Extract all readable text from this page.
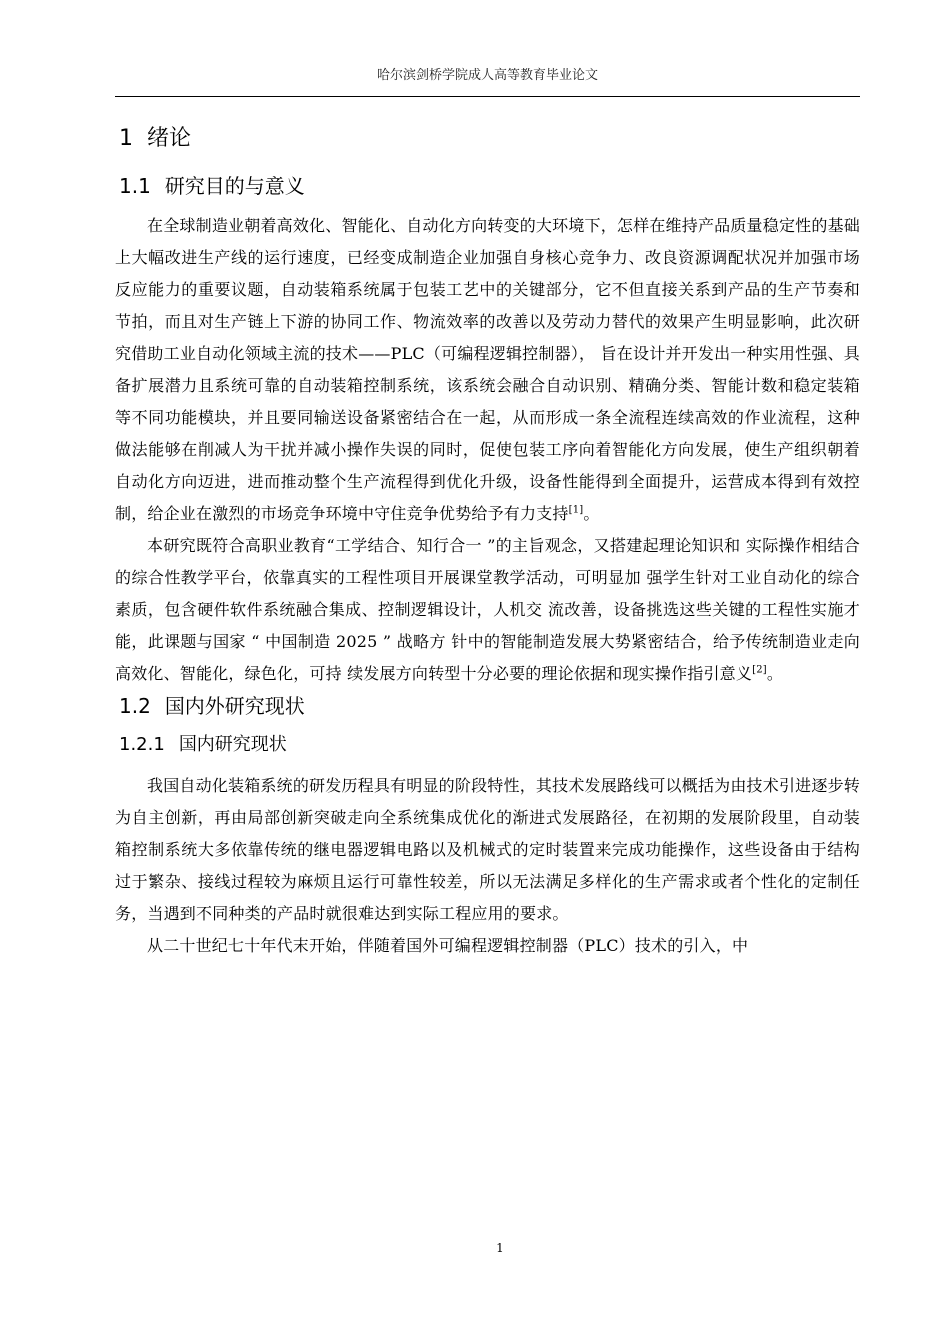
哈尔滨剑桥学院成人高等教育毕业论文
1 绪论
1.1 研究目的与意义

在全球制造业朝着高效化、智能化、自动化方向转变的大环境下，怎样在维持产品质量稳定性的基础上大幅改进生产线的运行速度，已经变成制造企业加强自身核心竞争力、改良资源调配状况并加强市场反应能力的重要议题，自动装箱系统属于包装工艺中的关键部分，它不但直接关系到产品的生产节奏和节拍，而且对生产链上下游的协同工作、物流效率的改善以及劳动力替代的效果产生明显影响，此次研究借助工业自动化领域主流的技术——PLC（可编程逻辑控制器）， 旨在设计并开发出一种实用性强、具备扩展潜力且系统可靠的自动装箱控制系统，该系统会融合自动识别、精确分类、智能计数和稳定装箱等不同功能模块，并且要同输送设备紧密结合在一起，从而形成一条全流程连续高效的作业流程，这种做法能够在削减人为干扰并减小操作失误的同时，促使包装工序向着智能化方向发展，使生产组织朝着自动化方向迈进，进而推动整个生产流程得到优化升级，设备性能得到全面提升，运营成本得到有效控制，给企业在激烈的市场竞争环境中守住竞争优势给予有力支持[1]。

本研究既符合高职业教育“工学结合、知行合一 ”的主旨观念，又搭建起理论知识和 实际操作相结合的综合性教学平台，依靠真实的工程性项目开展课堂教学活动，可明显加 强学生针对工业自动化的综合素质，包含硬件软件系统融合集成、控制逻辑设计，人机交 流改善，设备挑选这些关键的工程性实施才能，此课题与国家 “ 中国制造 2025 ” 战略方 针中的智能制造发展大势紧密结合，给予传统制造业走向高效化、智能化，绿色化，可持 续发展方向转型十分必要的理论依据和现实操作指引意义[2]。

1.2 国内外研究现状
1.2.1 国内研究现状

我国自动化装箱系统的研发历程具有明显的阶段特性，其技术发展路线可以概括为由技术引进逐步转为自主创新，再由局部创新突破走向全系统集成优化的渐进式发展路径，在初期的发展阶段里，自动装箱控制系统大多依靠传统的继电器逻辑电路以及机械式的定时装置来完成功能操作，这些设备由于结构过于繁杂、接线过程较为麻烦且运行可靠性较差，所以无法满足多样化的生产需求或者个性化的定制任务，当遇到不同种类的产品时就很难达到实际工程应用的要求。

从二十世纪七十年代末开始，伴随着国外可编程逻辑控制器（PLC）技术的引入，中

1
